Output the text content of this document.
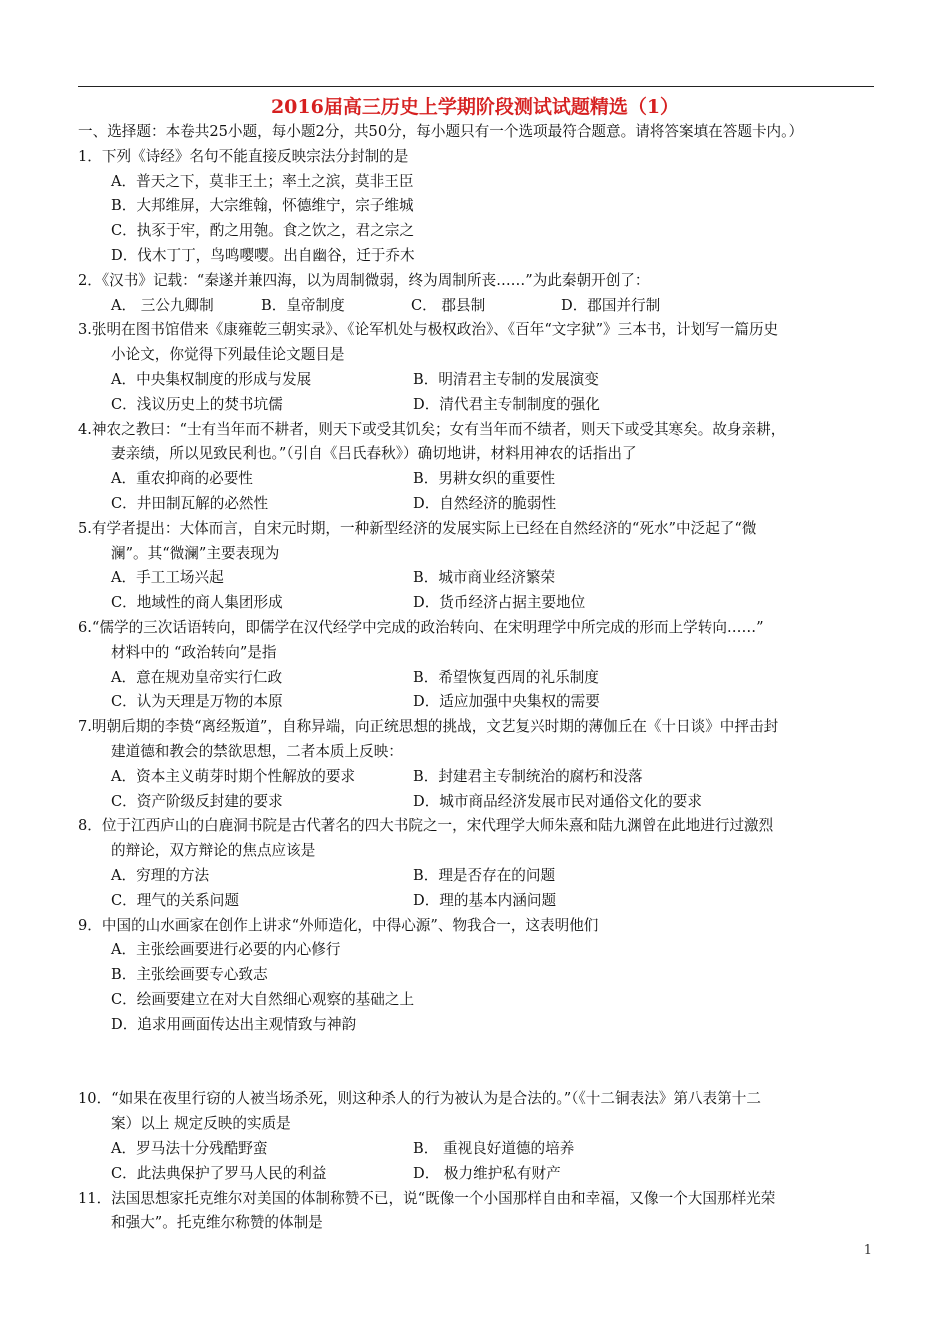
2016届高三历史上学期阶段测试试题精选（1）
一、选择题：本卷共25小题，每小题2分，共50分，每小题只有一个选项最符合题意。请将答案填在答题卡内。）
1．下列《诗经》名句不能直接反映宗法分封制的是
A．普天之下，莫非王土；率土之滨，莫非王臣
B．大邦维屏，大宗维翰，怀德维宁，宗子维城
C．执豕于牢，酌之用匏。食之饮之，君之宗之
D．伐木丁丁，鸟鸣嘤嘤。出自幽谷，迁于乔木
2．《汉书》记载：“秦遂并兼四海，以为周制微弱，终为周制所丧……”为此秦朝开创了：
A． 三公九卿制	B．皇帝制度	C． 郡县制	D．郡国并行制
3.张明在图书馆借来《康雍乾三朝实录》、《论军机处与极权政治》、《百年“文字狱”》三本书，计划写一篇历史
小论文，你觉得下列最佳论文题目是
A．中央集权制度的形成与发展	B．明清君主专制的发展演变
C．浅议历史上的焚书坑儒	D．清代君主专制制度的强化
4.神农之教曰：“士有当年而不耕者，则天下或受其饥矣；女有当年而不绩者，则天下或受其寒矣。故身亲耕，
妻亲绩，所以见致民利也。”（引自《吕氏春秋》）确切地讲，材料用神农的话指出了
A．重农抑商的必要性	B．男耕女织的重要性
C．井田制瓦解的必然性	D．自然经济的脆弱性
5.有学者提出：大体而言，自宋元时期，一种新型经济的发展实际上已经在自然经济的“死水”中泛起了“微
澜”。其“微澜”主要表现为
A．手工工场兴起	B．城市商业经济繁荣
C．地域性的商人集团形成	D．货币经济占据主要地位
6.“儒学的三次话语转向，即儒学在汉代经学中完成的政治转向、在宋明理学中所完成的形而上学转向……”
材料中的 “政治转向”是指
A．意在规劝皇帝实行仁政	B．希望恢复西周的礼乐制度
C．认为天理是万物的本原	D．适应加强中央集权的需要
7.明朝后期的李贽“离经叛道”，自称异端，向正统思想的挑战，文艺复兴时期的薄伽丘在《十日谈》中抨击封
建道德和教会的禁欲思想，二者本质上反映：
A．资本主义萌芽时期个性解放的要求	B．封建君主专制统治的腐朽和没落
C．资产阶级反封建的要求	D．城市商品经济发展市民对通俗文化的要求
8．位于江西庐山的白鹿洞书院是古代著名的四大书院之一，宋代理学大师朱熹和陆九渊曾在此地进行过激烈
的辩论，双方辩论的焦点应该是
A．穷理的方法	B．理是否存在的问题
C．理气的关系问题	D．理的基本内涵问题
9．中国的山水画家在创作上讲求“外师造化，中得心源”、物我合一，这表明他们
A．主张绘画要进行必要的内心修行
B．主张绘画要专心致志
C．绘画要建立在对大自然细心观察的基础之上
D．追求用画面传达出主观情致与神韵
10．“如果在夜里行窃的人被当场杀死，则这种杀人的行为被认为是合法的。”（《十二铜表法》第八表第十二
案）以上 规定反映的实质是
A．罗马法十分残酷野蛮	B． 重视良好道德的培养
C．此法典保护了罗马人民的利益	D． 极力维护私有财产
11．法国思想家托克维尔对美国的体制称赞不已，说“既像一个小国那样自由和幸福，又像一个大国那样光荣
和强大”。托克维尔称赞的体制是
1
